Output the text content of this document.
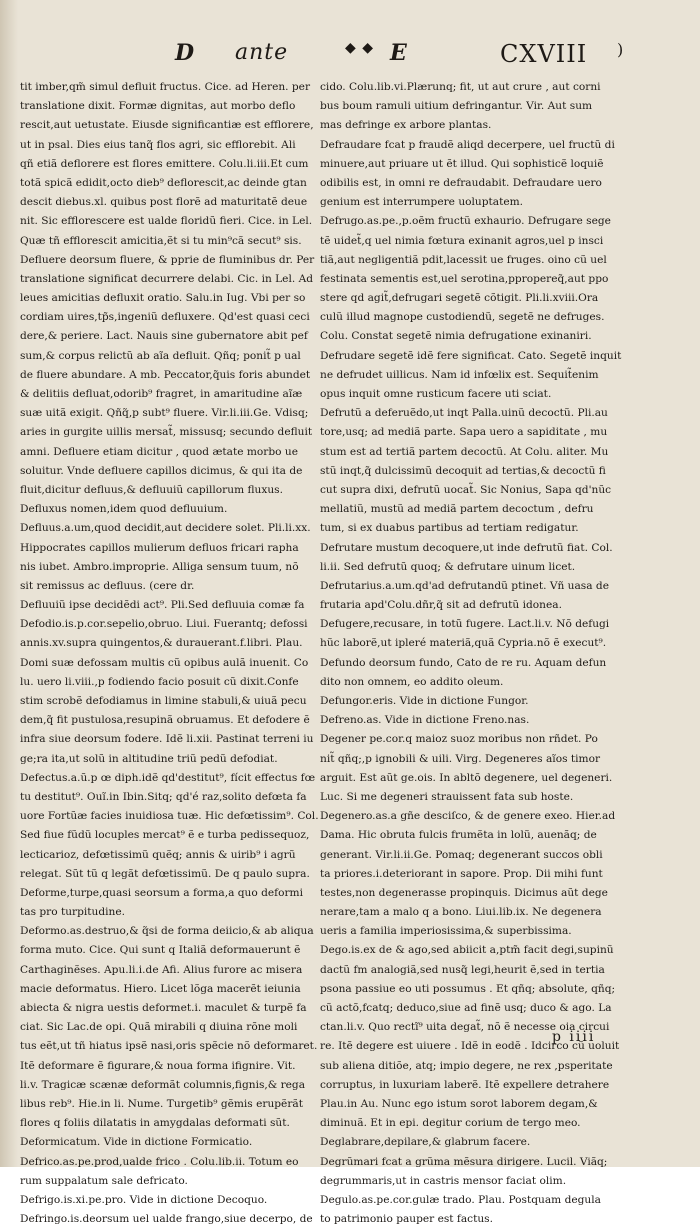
D ante	◆ ◆ E	CXVIII )
tit imber,qm̃ simul defluit fructus. Cice. ad Heren. per
translatione dixit. Formæ dignitas, aut morbo deflo
rescit,aut uetustate. Eiusde significantiæ est efflorere,
ut in psal. Dies eius tanq̃ flos agri, sic efflorebit. Ali
qñ etiã deflorere est flores emittere. Colu.li.iii.Et cum
totã spicã edidit,octo dieb⁹ deflorescit,ac deinde gtan
descit diebus.xl. quibus post florẽ ad maturitatẽ deue
nit. Sic efflorescere est ualde floridũ fieri. Cice. in Lel.
Quæ tñ efflorescit amicitia,ẽt si tu min⁹cã secut⁹ sis.
Defluere deorsum fluere, & pprie de fluminibus dr. Per
translatione significat decurrere delabi. Cic. in Lel. Ad
leues amicitias defluxit oratio. Salu.in Iug. Vbi per so
cordiam uires,tp̃s,ingeniũ defluxere. Qd'est quasi ceci
dere,& periere. Lact. Nauis sine gubernatore abit pef
sum,& corpus relictũ ab aĩa defluit. Qñq; ponit̃ p ual
de fluere abundare. A mb. Peccator,q̃uis foris abundet
& delitiis defluat,odorib⁹ fragret, in amaritudine aĩæ
suæ uitã exigit. Qñq̃,p subt⁹ fluere. Vir.li.iii.Ge. Vdisq;
aries in gurgite uillis mersat̃, missusq; secundo defluit
amni. Defluere etiam dicitur , quod ætate morbo ue
soluitur. Vnde defluere capillos dicimus, & qui ita de
fluit,dicitur defluus,& defluuiũ capillorum fluxus.
Defluxus nomen,idem quod defluuium.
Defluus.a.um,quod decidit,aut decidere solet. Pli.li.xx.
Hippocrates capillos mulierum defluos fricari rapha
nis iubet. Ambro.improprie. Alliga sensum tuum, nõ
sit remissus ac defluus. (cere dr.
Defluuiũ ipse decidẽdi act⁹. Pli.Sed defluuia comæ fa
Defodio.is.p.cor.sepelio,obruo. Liui. Fuerantq; defossi
annis.xv.supra quingentos,& durauerant.f.libri. Plau.
Domi suæ defossam multis cũ opibus aulã inuenit. Co
lu. uero li.viii.,p fodiendo facio posuit cũ dixit.Confe
stim scrobẽ defodiamus in limine stabuli,& uiuã pecu
dem,q̃ fit pustulosa,resupinã obruamus. Et defodere ẽ
infra siue deorsum fodere. Idẽ li.xii. Pastinat terreni iu
ge;ra ita,ut solũ in altitudine triũ pedũ defodiat.
Defectus.a.ũ.p œ diph.idẽ qd'destitut⁹, fícit effectus fœ
tu destitut⁹. Ouĩ.in Ibin.Sitq; qd'é raz,solito defœta fa
uore Fortũæ facies inuidiosa tuæ. Hic defœtissim⁹. Col.
Sed fiue fũdũ locuples mercat⁹ ẽ e turba pedissequoz,
lecticarioz, defœtissimũ quẽq; annis & uirib⁹ i agrũ
relegat. Sũt tũ q legãt defœtissimũ. De q paulo supra.
Deforme,turpe,quasi seorsum a forma,a quo deformi
tas pro turpitudine.
Deformo.as.destruo,& q̃si de forma deiicio,& ab aliqua
forma muto. Cice. Qui sunt q Italiã deformauerunt ẽ
Carthaginẽses. Apu.li.i.de Afi. Alius furore ac misera
macie deformatus. Hiero. Licet lõga macerẽt ieiunia
abiecta & nigra uestis deformet.i. maculet & turpẽ fa
ciat. Sic Lac.de opi. Quã mirabili q diuina rõne moli
tus eẽt,ut tñ hiatus ipsẽ nasi,oris spẽcie nõ deformaret.
Itẽ deformare ẽ figurare,& noua forma ifignire. Vit.
li.v. Tragicæ scænæ deformãt columnis,fignis,& rega
libus reb⁹. Hie.in li. Nume. Turgetib⁹ gẽmis erupẽrãt
flores q foliis dilatatis in amygdalas deformati sũt.
Deformicatum. Vide in dictione Formicatio.
Defrico.as.pe.prod,ualde frico . Colu.lib.ii. Totum eo
rum suppalatum sale defricato.
Defrigo.is.xi.pe.pro. Vide in dictione Decoquo.
Defringo.is.deorsum uel ualde frango,siue decerpo, de
cido. Colu.lib.vi.Plærunq; fit, ut aut crure , aut corni
bus boum ramuli uitium defringantur. Vir. Aut sum
mas defringe ex arbore plantas.
Defraudare fcat p fraudẽ aliqd decerpere, uel fructũ di
minuere,aut priuare ut ẽt illud. Qui sophisticẽ loquiẽ
odibilis est, in omni re defraudabit. Defraudare uero
genium est interrumpere uoluptatem.
Defrugo.as.pe.,p.oẽm fructũ exhaurio. Defrugare sege
tẽ uidet̃,q uel nimia fœtura exinanit agros,uel p insci
tiã,aut negligentiã pdit,lacessit ue fruges. oino cũ uel
festinata sementis est,uel serotina,ppropereq̃,aut ppo
stere qd agit̃,defrugari segetẽ cõtigit. Pli.li.xviii.Ora
culũ illud magnope custodiendũ, segetẽ ne defruges.
Colu. Constat segetẽ nimia defrugatione exinaniri.
Defrudare segetẽ idẽ fere significat. Cato. Segetẽ inquit
ne defrudet uillicus. Nam id infœlix est. Sequit̃enim
opus inquit omne rusticum facere uti sciat.
Defrutũ a deferuẽdo,ut inqt Palla.uinũ decoctũ. Pli.au
tore,usq; ad mediã parte. Sapa uero a sapiditate , mu
stum est ad tertiã partem decoctũ. At Colu. aliter. Mu
stũ inqt,q̃ dulcissimũ decoquit ad tertias,& decoctũ fi
cut supra dixi, defrutũ uocat̃. Sic Nonius, Sapa qd'nũc
mellatiũ, mustũ ad mediã partem decoctum , defru
tum, si ex duabus partibus ad tertiam redigatur.
Defrutare mustum decoquere,ut inde defrutũ fiat. Col.
li.ii. Sed defrutũ quoq; & defrutare uinum licet.
Defrutarius.a.um.qd'ad defrutandũ ptinet. Vñ uasa de
frutaria apd'Colu.dñr,q̃ sit ad defrutũ idonea.
Defugere,recusare, in totũ fugere. Lact.li.v. Nõ defugi
hũc laborẽ,ut ipleré materiã,quã Cypria.nõ ẽ execut⁹.
Defundo deorsum fundo, Cato de re ru. Aquam defun
dito non omnem, eo addito oleum.
Defungor.eris. Vide in dictione Fungor.
Defreno.as. Vide in dictione Freno.nas.
Degener pe.cor.q maioz suoz moribus non rñdet. Po
nit̃ qñq;,p ignobili & uili. Virg. Degeneres aĩos timor
arguit. Est aũt ge.ois. In abltõ degenere, uel degeneri.
Luc. Si me degeneri strauissent fata sub hoste.
Degenero.as.a gñe desciſco, & de genere exeo. Hier.ad
Dama. Hic obruta fulcis frumẽta in lolũ, auenãq; de
generant. Vir.li.ii.Ge. Pomaq; degenerant succos obli
ta priores.i.deteriorant in sapore. Prop. Dii mihi funt
testes,non degenerasse propinquis. Dicimus aũt dege
nerare,tam a malo q a bono. Liui.lib.ix. Ne degenera
ueris a familia imperiosissima,& superbissima.
Dego.is.ex de & ago,sed abiicit a,ptm̃ facit degi,supinũ
dactũ fm analogiã,sed nusq̃ legi,heurit ẽ,sed in tertia
psona passiue eo uti possumus . Et qñq; absolute, qñq;
cũ actõ,fcatq; deduco,siue ad finẽ usq; duco & ago. La
ctan.li.v. Quo rectĩ⁹ uita degat̃, nõ ẽ necesse oia circui
re. Itẽ degere est uiuere . Idẽ in eodẽ . Idcirco cũ uoluit
sub aliena ditiõe, atq; impio degere, ne rex ,psperitate
corruptus, in luxuriam laberẽ. Itẽ expellere detrahere
Plau.in Au. Nunc ego istum sorot laborem degam,&
diminuã. Et in epi. degitur corium de tergo meo.
Deglabrare,depilare,& glabrum facere.
Degrũmari fcat a grũma mẽsura dirigere. Lucil. Viãq;
degrummaris,ut in castris mensor faciat olim.
Degulo.as.pe.cor.gulæ trado. Plau. Postquam degula
to patrimonio pauper est factus.
p iiii
